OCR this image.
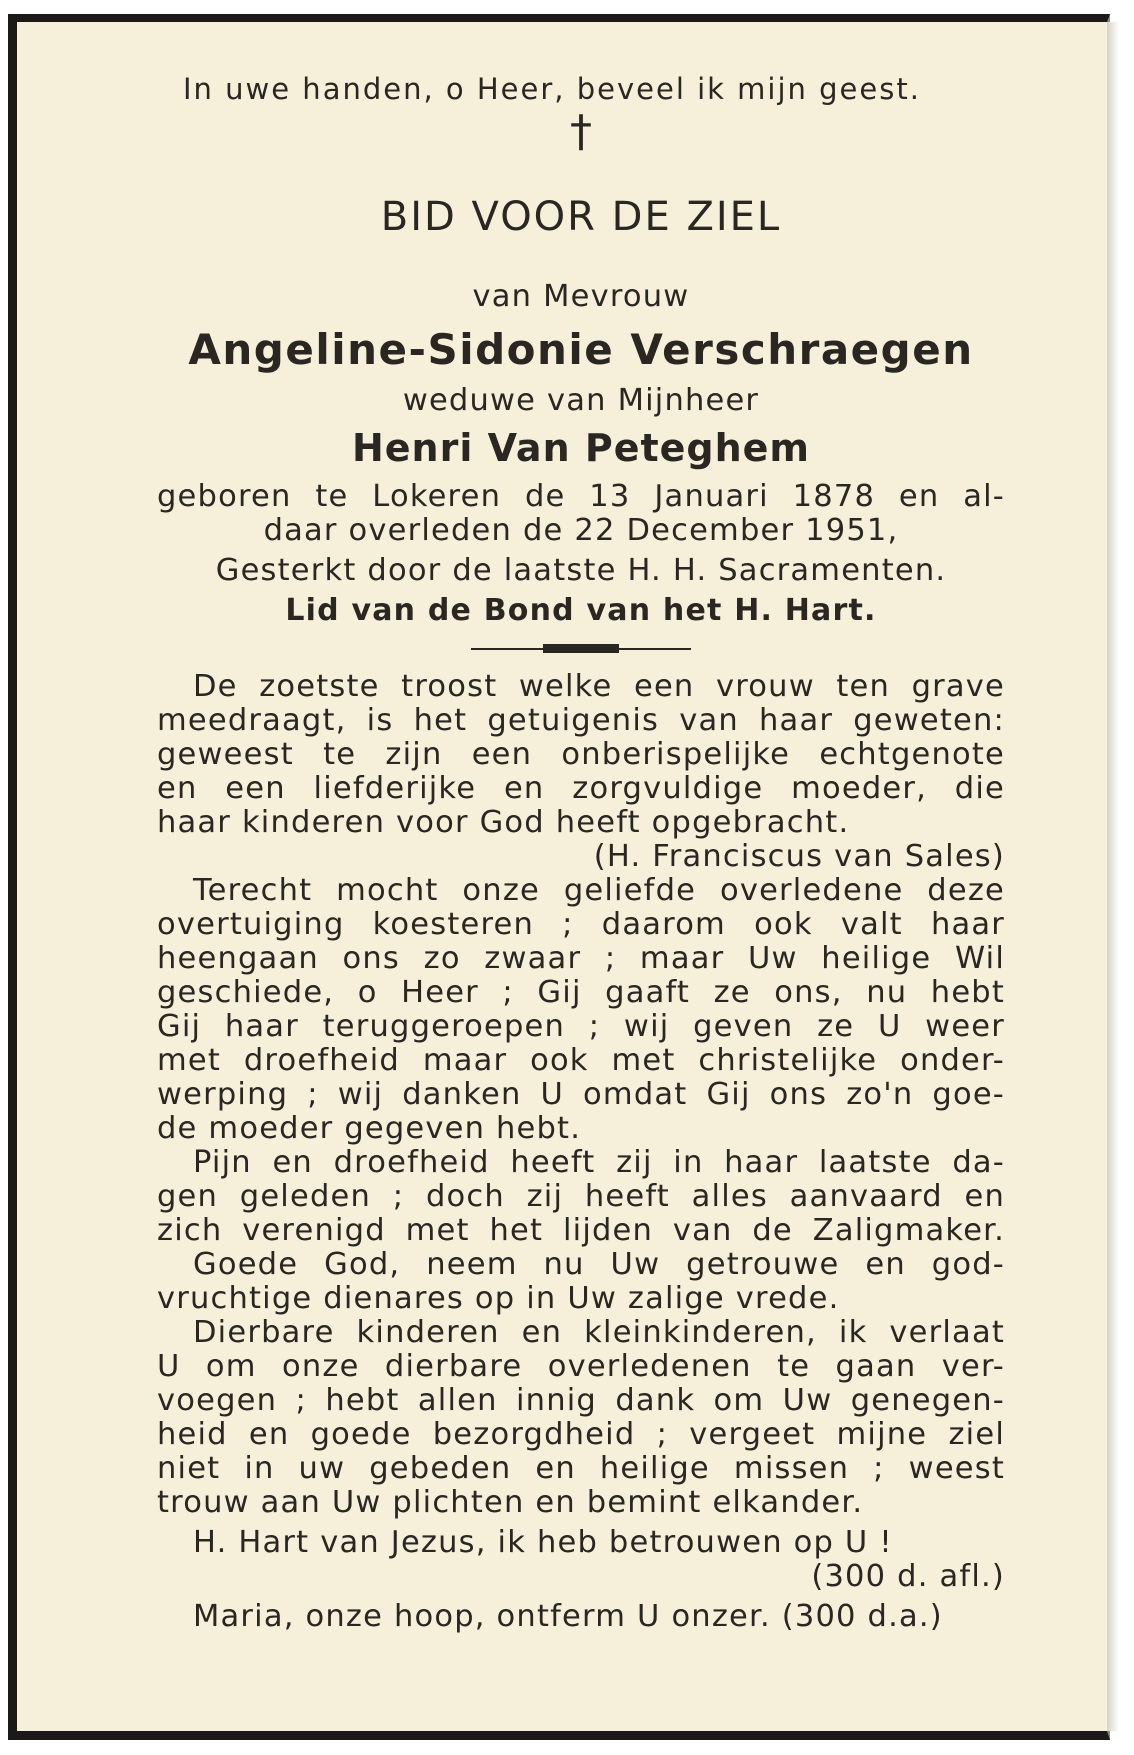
In uwe handen, o Heer, beveel ik mijn geest.

†

BID VOOR DE ZIEL

van Mevrouw

Angeline-Sidonie Verschraegen

weduwe van Mijnheer

Henri Van Peteghem

geboren te Lokeren de 13 Januari 1878 en al-

daar overleden de 22 December 1951,

Gesterkt door de laatste H. H. Sacramenten.

Lid van de Bond van het H. Hart.

De zoetste troost welke een vrouw ten grave

meedraagt, is het getuigenis van haar geweten:

geweest te zijn een onberispelijke echtgenote

en een liefderijke en zorgvuldige moeder, die

haar kinderen voor God heeft opgebracht.

(H. Franciscus van Sales)

Terecht mocht onze geliefde overledene deze

overtuiging koesteren ; daarom ook valt haar

heengaan ons zo zwaar ; maar Uw heilige Wil

geschiede, o Heer ; Gij gaaft ze ons, nu hebt

Gij haar teruggeroepen ; wij geven ze U weer

met droefheid maar ook met christelijke onder-

werping ; wij danken U omdat Gij ons zo'n goe-

de moeder gegeven hebt.

Pijn en droefheid heeft zij in haar laatste da-

gen geleden ; doch zij heeft alles aanvaard en

zich verenigd met het lijden van de Zaligmaker.

Goede God, neem nu Uw getrouwe en god-

vruchtige dienares op in Uw zalige vrede.

Dierbare kinderen en kleinkinderen, ik verlaat

U om onze dierbare overledenen te gaan ver-

voegen ; hebt allen innig dank om Uw genegen-

heid en goede bezorgdheid ; vergeet mijne ziel

niet in uw gebeden en heilige missen ; weest

trouw aan Uw plichten en bemint elkander.

H. Hart van Jezus, ik heb betrouwen op U !

(300 d. afl.)

Maria, onze hoop, ontferm U onzer. (300 d.a.)
